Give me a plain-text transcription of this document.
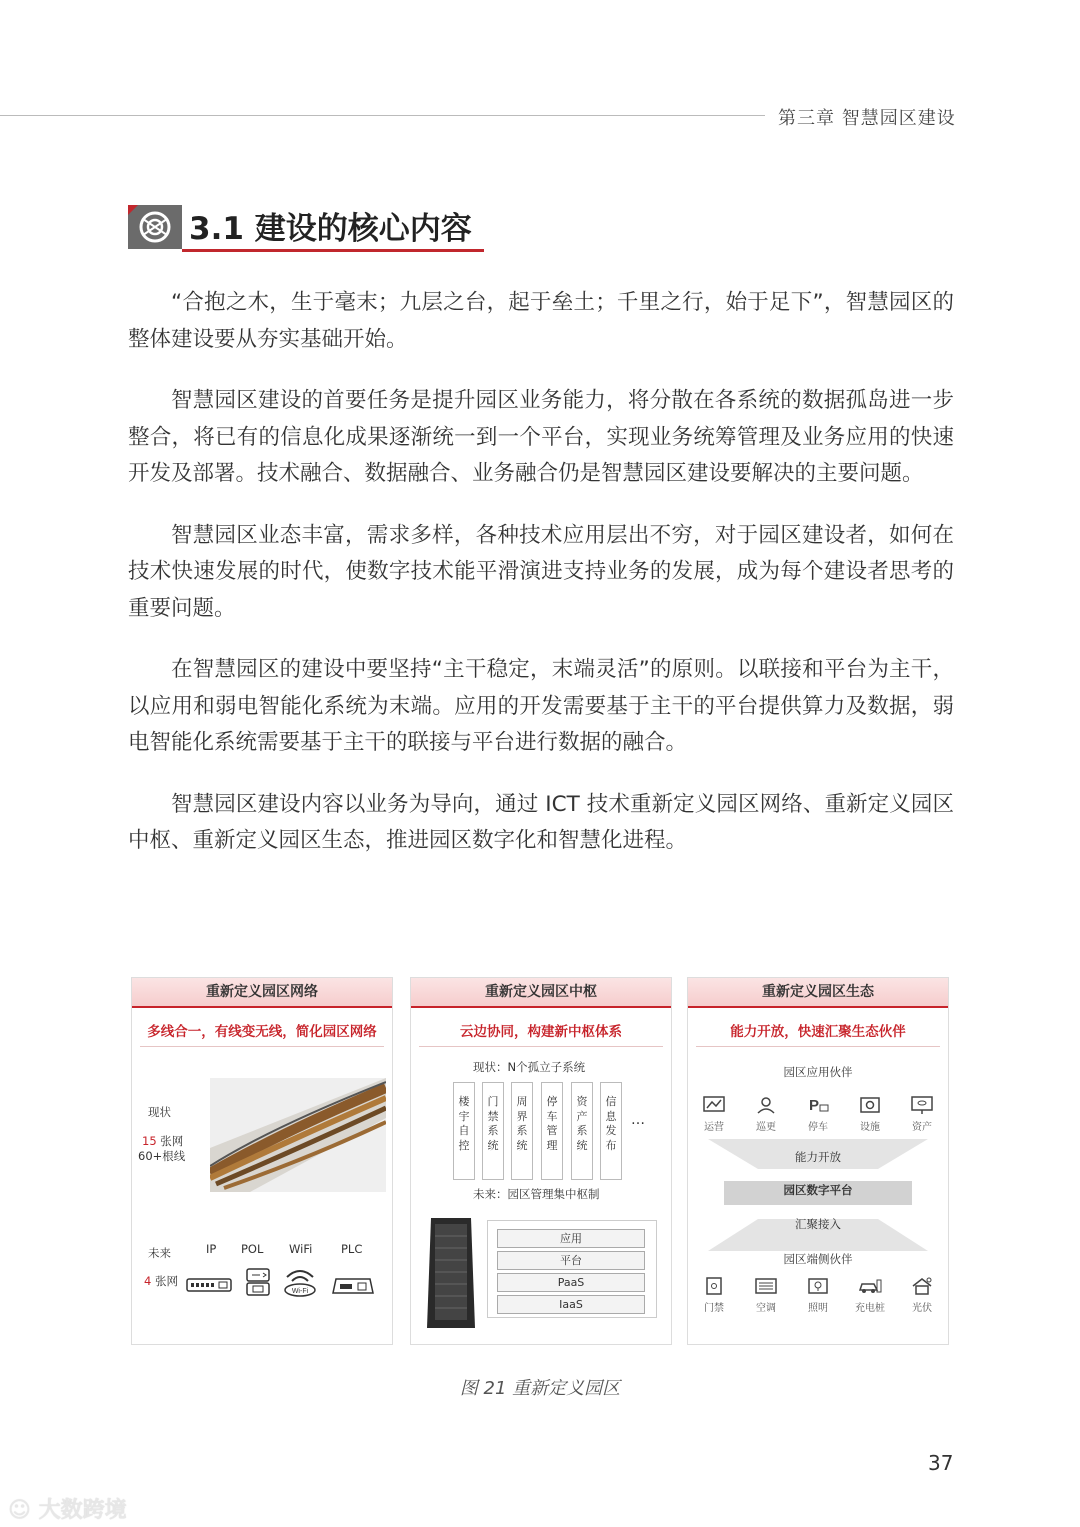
第三章 智慧园区建设
3.1 建设的核心内容

“合抱之木，生于毫末；九层之台，起于垒土；千里之行，始于足下”，智慧园区的整体建设要从夯实基础开始。

智慧园区建设的首要任务是提升园区业务能力，将分散在各系统的数据孤岛进一步整合，将已有的信息化成果逐渐统一到一个平台，实现业务统筹管理及业务应用的快速开发及部署。技术融合、数据融合、业务融合仍是智慧园区建设要解决的主要问题。

智慧园区业态丰富，需求多样，各种技术应用层出不穷，对于园区建设者，如何在技术快速发展的时代，使数字技术能平滑演进支持业务的发展，成为每个建设者思考的重要问题。

在智慧园区的建设中要坚持“主干稳定，末端灵活”的原则。以联接和平台为主干，以应用和弱电智能化系统为末端。应用的开发需要基于主干的平台提供算力及数据，弱电智能化系统需要基于主干的联接与平台进行数据的融合。

智慧园区建设内容以业务为导向，通过 ICT 技术重新定义园区网络、重新定义园区中枢、重新定义园区生态，推进园区数字化和智慧化进程。

重新定义园区网络
多线合一，有线变无线，简化园区网络
现状
15 张网
60+根线
未来
4 张网
IP POL WiFi PLC
Wi-Fi
重新定义园区中枢
云边协同，构建新中枢体系
现状：N个孤立子系统
楼宇自控
门禁系统
周界系统
停车管理
资产系统
信息发布
…
未来：园区管理集中枢制
应用
平台
PaaS
IaaS
重新定义园区生态
能力开放，快速汇聚生态伙伴
园区应用伙伴
运营	巡更
P
停车	设施	资产
能力开放
园区数字平台
汇聚接入
园区端侧伙伴
门禁	空调	照明	充电桩	光伏
图 21 重新定义园区
37
☺ 大数跨境
